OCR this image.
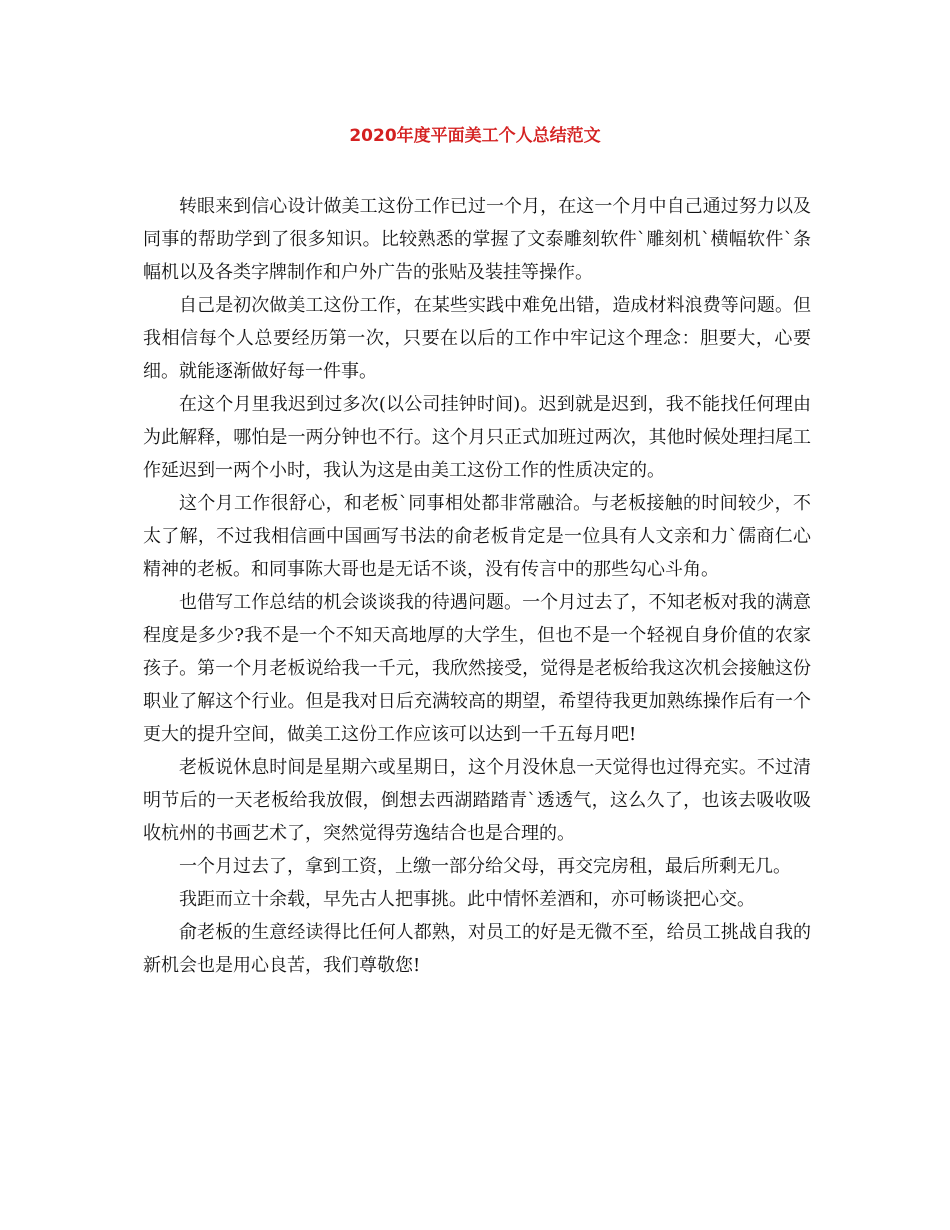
2020年度平面美工个人总结范文

转眼来到信心设计做美工这份工作已过一个月，在这一个月中自己通过努力以及同事的帮助学到了很多知识。比较熟悉的掌握了文泰雕刻软件`雕刻机`横幅软件`条幅机以及各类字牌制作和户外广告的张贴及装挂等操作。

自己是初次做美工这份工作，在某些实践中难免出错，造成材料浪费等问题。但我相信每个人总要经历第一次，只要在以后的工作中牢记这个理念：胆要大，心要细。就能逐渐做好每一件事。

在这个月里我迟到过多次(以公司挂钟时间)。迟到就是迟到，我不能找任何理由为此解释，哪怕是一两分钟也不行。这个月只正式加班过两次，其他时候处理扫尾工作延迟到一两个小时，我认为这是由美工这份工作的性质决定的。

这个月工作很舒心，和老板`同事相处都非常融洽。与老板接触的时间较少，不太了解，不过我相信画中国画写书法的俞老板肯定是一位具有人文亲和力`儒商仁心精神的老板。和同事陈大哥也是无话不谈，没有传言中的那些勾心斗角。

也借写工作总结的机会谈谈我的待遇问题。一个月过去了，不知老板对我的满意程度是多少?我不是一个不知天高地厚的大学生，但也不是一个轻视自身价值的农家孩子。第一个月老板说给我一千元，我欣然接受，觉得是老板给我这次机会接触这份职业了解这个行业。但是我对日后充满较高的期望，希望待我更加熟练操作后有一个更大的提升空间，做美工这份工作应该可以达到一千五每月吧!

老板说休息时间是星期六或星期日，这个月没休息一天觉得也过得充实。不过清明节后的一天老板给我放假，倒想去西湖踏踏青`透透气，这么久了，也该去吸收吸收杭州的书画艺术了，突然觉得劳逸结合也是合理的。

一个月过去了，拿到工资，上缴一部分给父母，再交完房租，最后所剩无几。

我距而立十余载，早先古人把事挑。此中情怀差酒和，亦可畅谈把心交。

俞老板的生意经读得比任何人都熟，对员工的好是无微不至，给员工挑战自我的新机会也是用心良苦，我们尊敬您!
